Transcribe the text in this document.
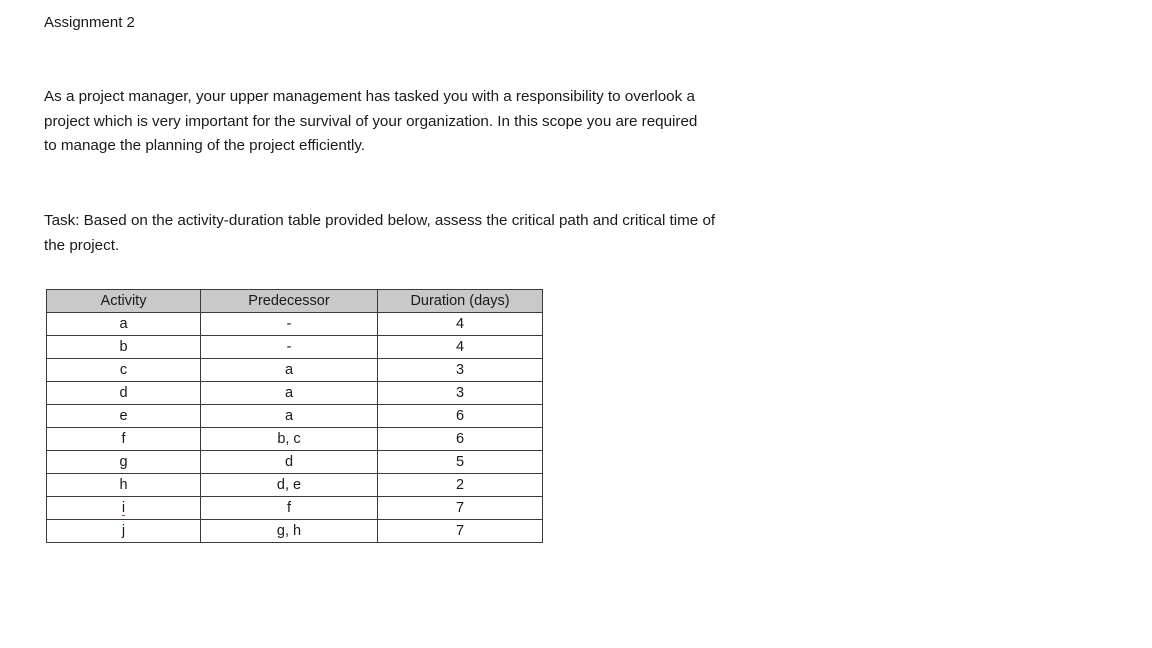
Assignment 2
As a project manager, your upper management has tasked you with a responsibility to overlook a
project which is very important for the survival of your organization. In this scope you are required
to manage the planning of the project efficiently.
Task: Based on the activity-duration table provided below, assess the critical path and critical time of
the project.
Activity	Predecessor	Duration (days)
a	-	4
b	-	4
c	a	3
d	a	3
e	a	6
f	b, c	6
g	d	5
h	d, e	2
i	f	7
j	g, h	7
